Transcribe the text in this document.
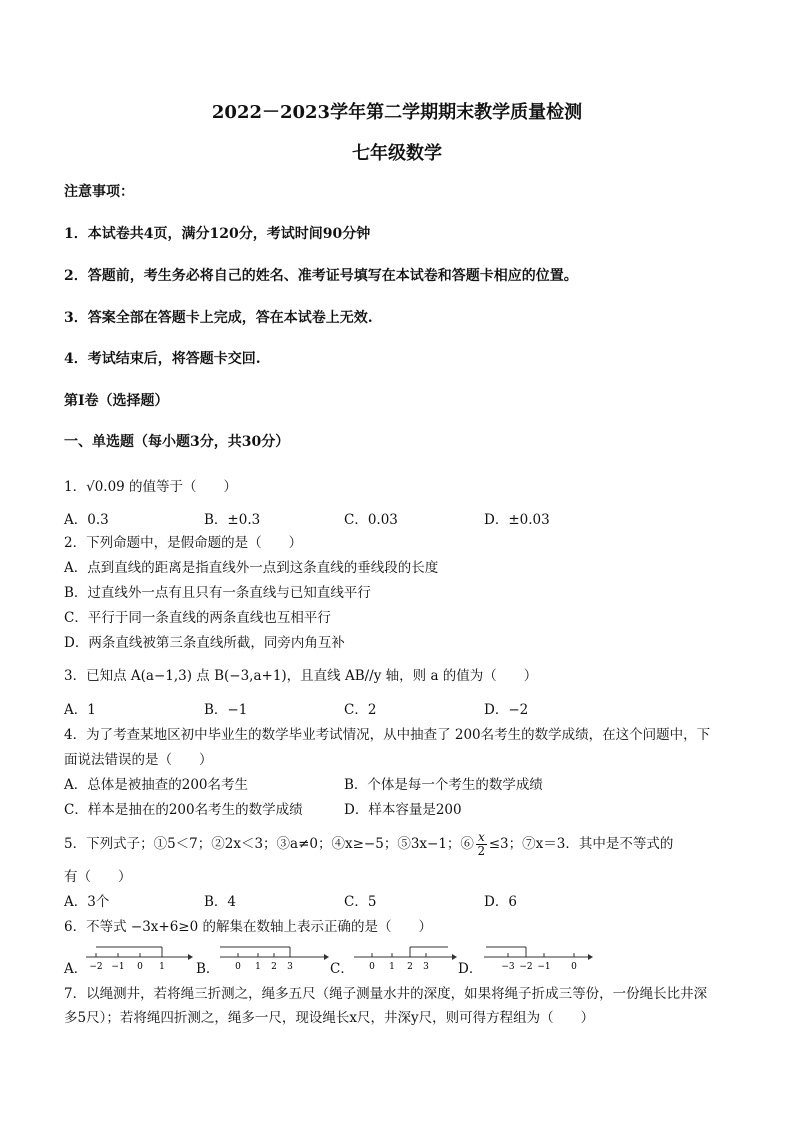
2022－2023学年第二学期期末教学质量检测
七年级数学
注意事项：
1．本试卷共4页，满分120分，考试时间90分钟
2．答题前，考生务必将自己的姓名、准考证号填写在本试卷和答题卡相应的位置。
3．答案全部在答题卡上完成，答在本试卷上无效.
4．考试结束后，将答题卡交回.
第I卷（选择题）
一、单选题（每小题3分，共30分）
1．√0.09 的值等于（　　）
A．0.3	B．±0.3	C．0.03	D．±0.03
2．下列命题中，是假命题的是（　　）
A．点到直线的距离是指直线外一点到这条直线的垂线段的长度
B．过直线外一点有且只有一条直线与已知直线平行
C．平行于同一条直线的两条直线也互相平行
D．两条直线被第三条直线所截，同旁内角互补
3．已知点 A(a−1,3) 点 B(−3,a+1)，且直线 AB//y 轴，则 a 的值为（　　）
A．1	B．−1	C．2	D．−2
4．为了考查某地区初中毕业生的数学毕业考试情况，从中抽查了 200名考生的数学成绩，在这个问题中，下
面说法错误的是（　　）
A．总体是被抽查的200名考生	B．个体是每一个考生的数学成绩
C．样本是抽在的200名考生的数学成绩	D．样本容量是200
5．下列式子；①5＜7；②2x＜3；③a≠0；④x≥−5；⑤3x−1；⑥ $\frac{x}{2} \le 3$；⑦x＝3．其中是不等式的
有（　　）
A．3个	B．4	C．5	D．6
6．不等式 −3x+6≥0 的解集在数轴上表示正确的是（　　）
A．	B．	C．	D．
−2 −1 0 1	0 1 2 3	0 1 2 3	−3 −2 −1 0
7．以绳测井，若将绳三折测之，绳多五尺（绳子测量水井的深度，如果将绳子折成三等份，一份绳长比井深
多5尺）；若将绳四折测之，绳多一尺，现设绳长x尺，井深y尺，则可得方程组为（　　）
